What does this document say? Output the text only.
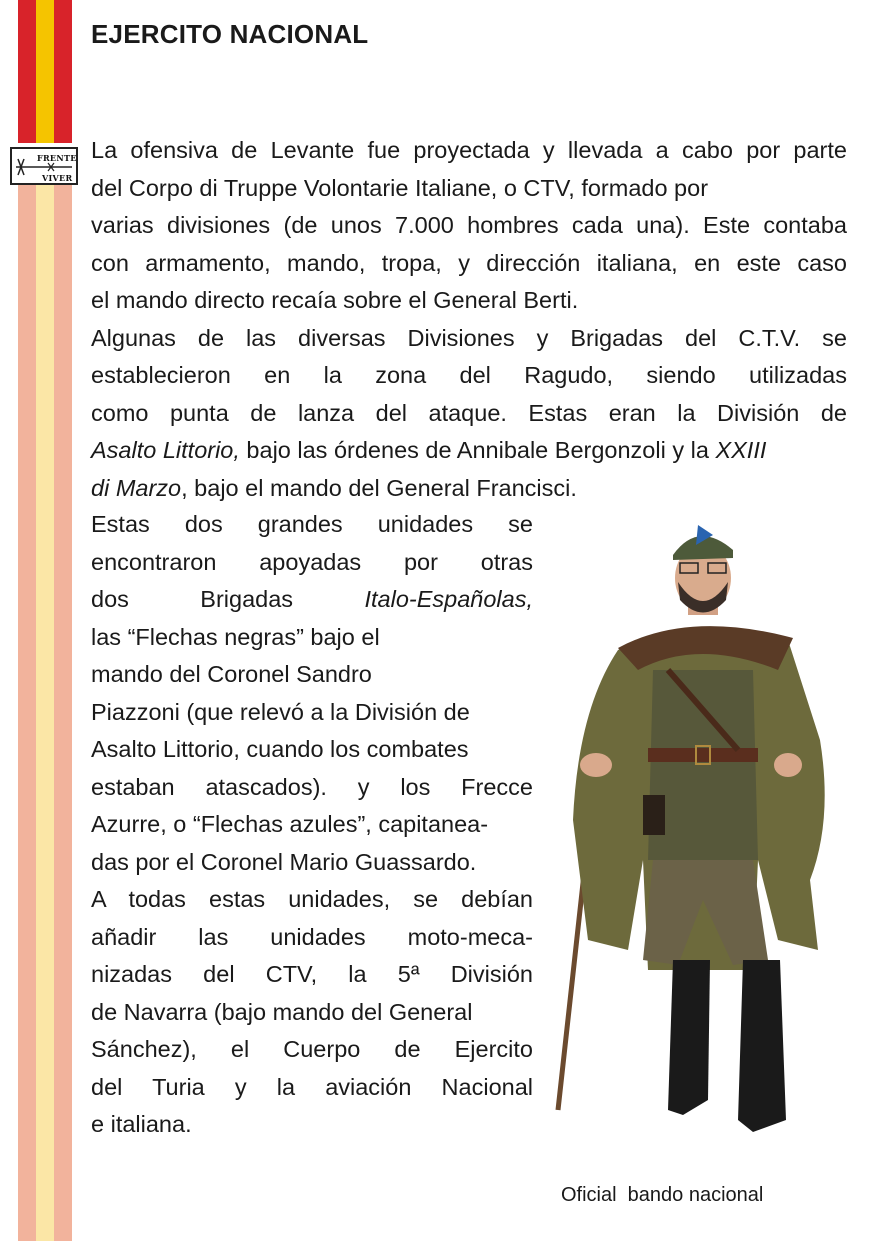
FRENTE
VIVER
EJERCITO NACIONAL
La ofensiva de Levante fue proyectada y llevada a cabo por parte
del Corpo di Truppe Volontarie Italiane, o CTV, formado por
varias divisiones (de unos 7.000 hombres cada una). Este contaba
con armamento, mando, tropa, y dirección italiana, en este caso
el mando directo recaía sobre el General Berti.
Algunas de las diversas Divisiones y Brigadas del C.T.V. se
establecieron en la zona del Ragudo, siendo utilizadas
como punta de lanza del ataque. Estas eran la División de
Asalto Littorio, bajo las órdenes de Annibale Bergonzoli y la XXIII
di Marzo, bajo el mando del General Francisci.
Estas dos grandes unidades se
encontraron apoyadas por otras
dos Brigadas Italo-Españolas,
las “Flechas negras” bajo el
mando del Coronel Sandro
Piazzoni (que relevó a la División de
Asalto Littorio, cuando los combates
estaban atascados). y los Frecce
Azurre, o “Flechas azules”, capitanea-
das por el Coronel Mario Guassardo.
A todas estas unidades, se debían
añadir las unidades moto-meca-
nizadas del CTV, la 5ª División
de Navarra (bajo mando del General
Sánchez), el Cuerpo de Ejercito
del Turia y la aviación Nacional
e italiana.
Oficial  bando nacional
